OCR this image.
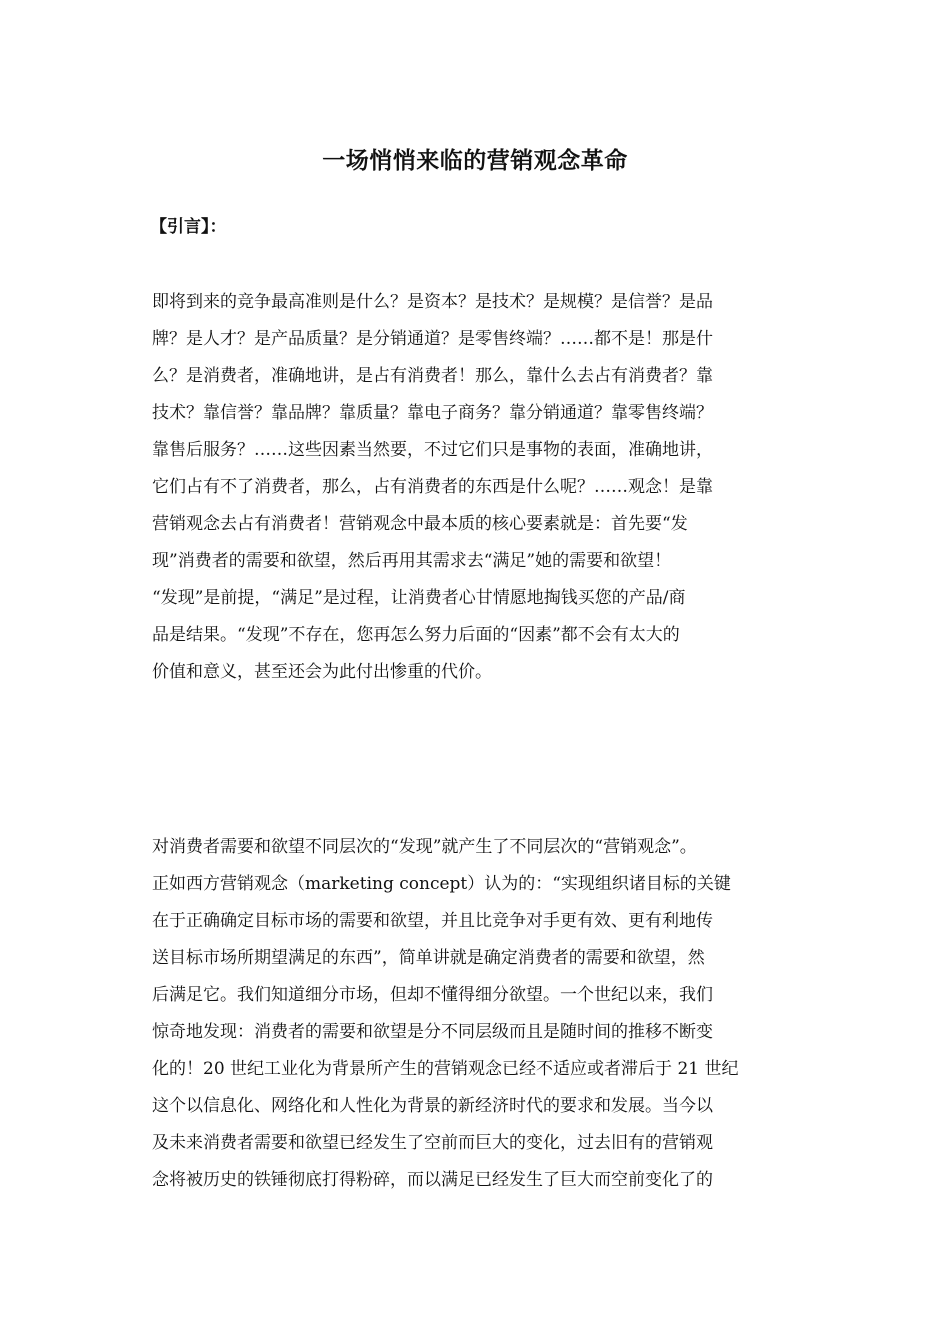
一场悄悄来临的营销观念革命
【引言】：

即将到来的竞争最高准则是什么？是资本？是技术？是规模？是信誉？是品
牌？是人才？是产品质量？是分销通道？是零售终端？……都不是！那是什
么？是消费者，准确地讲，是占有消费者！那么，靠什么去占有消费者？靠
技术？靠信誉？靠品牌？靠质量？靠电子商务？靠分销通道？靠零售终端？
靠售后服务？……这些因素当然要，不过它们只是事物的表面，准确地讲，
它们占有不了消费者，那么，占有消费者的东西是什么呢？……观念！是靠
营销观念去占有消费者！营销观念中最本质的核心要素就是：首先要“发
现”消费者的需要和欲望，然后再用其需求去“满足”她的需要和欲望！
“发现”是前提，“满足”是过程，让消费者心甘情愿地掏钱买您的产品/商
品是结果。“发现”不存在，您再怎么努力后面的“因素”都不会有太大的
价值和意义，甚至还会为此付出惨重的代价。

对消费者需要和欲望不同层次的“发现”就产生了不同层次的“营销观念”。
正如西方营销观念（marketing concept）认为的：“实现组织诸目标的关键
在于正确确定目标市场的需要和欲望，并且比竞争对手更有效、更有利地传
送目标市场所期望满足的东西”，简单讲就是确定消费者的需要和欲望，然
后满足它。我们知道细分市场，但却不懂得细分欲望。一个世纪以来，我们
惊奇地发现：消费者的需要和欲望是分不同层级而且是随时间的推移不断变
化的！20 世纪工业化为背景所产生的营销观念已经不适应或者滞后于 21 世纪
这个以信息化、网络化和人性化为背景的新经济时代的要求和发展。当今以
及未来消费者需要和欲望已经发生了空前而巨大的变化，过去旧有的营销观
念将被历史的铁锤彻底打得粉碎，而以满足已经发生了巨大而空前变化了的
